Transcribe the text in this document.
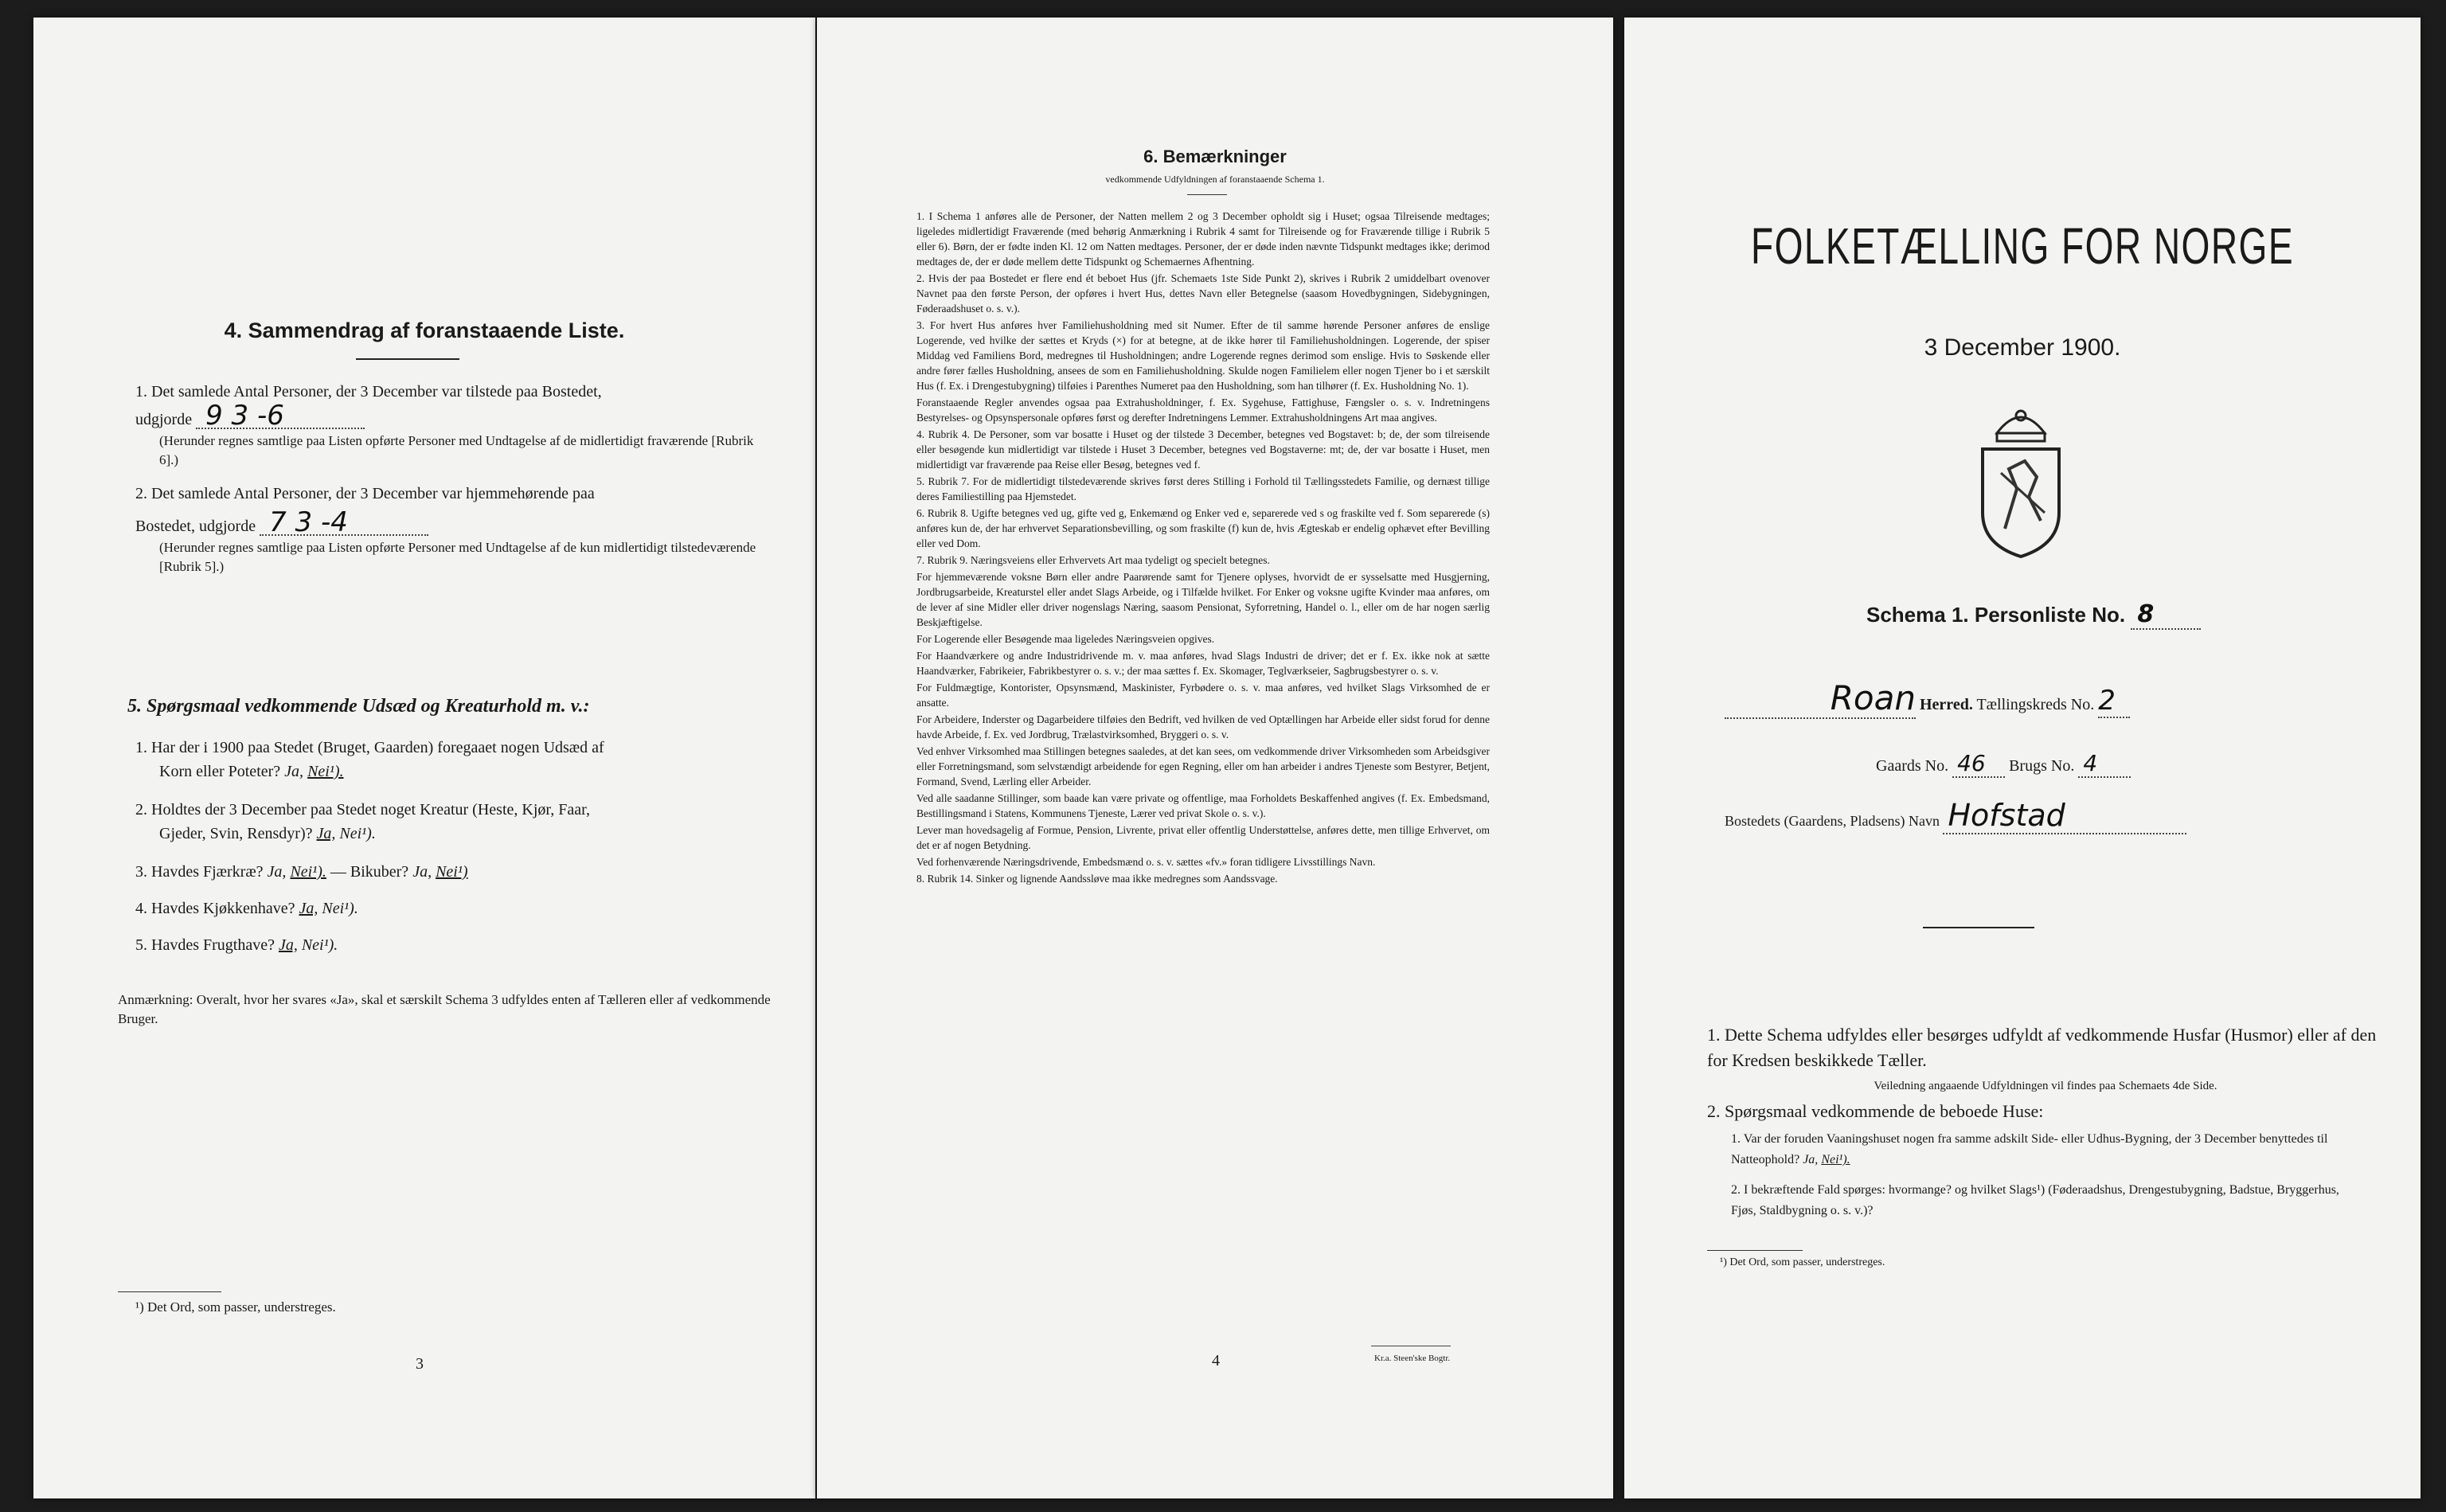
4. Sammendrag af foranstaaende Liste.
1. Det samlede Antal Personer, der 3 December var tilstede paa Bostedet,
udgjorde 9 3 -6
(Herunder regnes samtlige paa Listen opførte Personer med Undtagelse af de midlertidigt fraværende [Rubrik 6].)
2. Det samlede Antal Personer, der 3 December var hjemmehørende paa
Bostedet, udgjorde 7 3 -4
(Herunder regnes samtlige paa Listen opførte Personer med Undtagelse af de kun midlertidigt tilstedeværende [Rubrik 5].)
5. Spørgsmaal vedkommende Udsæd og Kreaturhold m. v.:
1. Har der i 1900 paa Stedet (Bruget, Gaarden) foregaaet nogen Udsæd af
Korn eller Poteter? Ja, Nei¹).
2. Holdtes der 3 December paa Stedet noget Kreatur (Heste, Kjør, Faar,
Gjeder, Svin, Rensdyr)? Ja, Nei¹).
3. Havdes Fjærkræ? Ja, Nei¹). — Bikuber? Ja, Nei¹)
4. Havdes Kjøkkenhave? Ja, Nei¹).
5. Havdes Frugthave? Ja, Nei¹).
Anmærkning: Overalt, hvor her svares «Ja», skal et særskilt Schema 3 udfyldes enten af Tælleren eller af vedkommende Bruger.
¹) Det Ord, som passer, understreges.
3
6. Bemærkninger
vedkommende Udfyldningen af foranstaaende Schema 1.
1. I Schema 1 anføres alle de Personer, der Natten mellem 2 og 3 December opholdt sig i Huset; ogsaa Tilreisende medtages; ligeledes midlertidigt Fraværende (med behørig Anmærkning i Rubrik 4 samt for Tilreisende og for Fraværende tillige i Rubrik 5 eller 6). Børn, der er fødte inden Kl. 12 om Natten medtages. Personer, der er døde inden nævnte Tidspunkt medtages ikke; derimod medtages de, der er døde mellem dette Tidspunkt og Schemaernes Afhentning.
2. Hvis der paa Bostedet er flere end ét beboet Hus (jfr. Schemaets 1ste Side Punkt 2), skrives i Rubrik 2 umiddelbart ovenover Navnet paa den første Person, der opføres i hvert Hus, dettes Navn eller Betegnelse (saasom Hovedbygningen, Sidebygningen, Føderaadshuset o. s. v.).
3. For hvert Hus anføres hver Familiehusholdning med sit Numer. Efter de til samme hørende Personer anføres de enslige Logerende, ved hvilke der sættes et Kryds (×) for at betegne, at de ikke hører til Familiehusholdningen. Logerende, der spiser Middag ved Familiens Bord, medregnes til Husholdningen; andre Logerende regnes derimod som enslige. Hvis to Søskende eller andre fører fælles Husholdning, ansees de som en Familiehusholdning. Skulde nogen Familielem eller nogen Tjener bo i et særskilt Hus (f. Ex. i Drengestubygning) tilføies i Parenthes Numeret paa den Husholdning, som han tilhører (f. Ex. Husholdning No. 1).
Foranstaaende Regler anvendes ogsaa paa Extrahusholdninger, f. Ex. Sygehuse, Fattighuse, Fængsler o. s. v. Indretningens Bestyrelses- og Opsynspersonale opføres først og derefter Indretningens Lemmer. Extrahusholdningens Art maa angives.
4. Rubrik 4. De Personer, som var bosatte i Huset og der tilstede 3 December, betegnes ved Bogstavet: b; de, der som tilreisende eller besøgende kun midlertidigt var tilstede i Huset 3 December, betegnes ved Bogstaverne: mt; de, der var bosatte i Huset, men midlertidigt var fraværende paa Reise eller Besøg, betegnes ved f.
5. Rubrik 7. For de midlertidigt tilstedeværende skrives først deres Stilling i Forhold til Tællingsstedets Familie, og dernæst tillige deres Familiestilling paa Hjemstedet.
6. Rubrik 8. Ugifte betegnes ved ug, gifte ved g, Enkemænd og Enker ved e, separerede ved s og fraskilte ved f. Som separerede (s) anføres kun de, der har erhvervet Separationsbevilling, og som fraskilte (f) kun de, hvis Ægteskab er endelig ophævet efter Bevilling eller ved Dom.
7. Rubrik 9. Næringsveiens eller Erhvervets Art maa tydeligt og specielt betegnes.
For hjemmeværende voksne Børn eller andre Paarørende samt for Tjenere oplyses, hvorvidt de er sysselsatte med Husgjerning, Jordbrugsarbeide, Kreaturstel eller andet Slags Arbeide, og i Tilfælde hvilket. For Enker og voksne ugifte Kvinder maa anføres, om de lever af sine Midler eller driver nogenslags Næring, saasom Pensionat, Syforretning, Handel o. l., eller om de har nogen særlig Beskjæftigelse.
For Logerende eller Besøgende maa ligeledes Næringsveien opgives.
For Haandværkere og andre Industridrivende m. v. maa anføres, hvad Slags Industri de driver; det er f. Ex. ikke nok at sætte Haandværker, Fabrikeier, Fabrikbestyrer o. s. v.; der maa sættes f. Ex. Skomager, Teglværkseier, Sagbrugsbestyrer o. s. v.
For Fuldmægtige, Kontorister, Opsynsmænd, Maskinister, Fyrbødere o. s. v. maa anføres, ved hvilket Slags Virksomhed de er ansatte.
For Arbeidere, Inderster og Dagarbeidere tilføies den Bedrift, ved hvilken de ved Optællingen har Arbeide eller sidst forud for denne havde Arbeide, f. Ex. ved Jordbrug, Trælastvirksomhed, Bryggeri o. s. v.
Ved enhver Virksomhed maa Stillingen betegnes saaledes, at det kan sees, om vedkommende driver Virksomheden som Arbeidsgiver eller Forretningsmand, som selvstændigt arbeidende for egen Regning, eller om han arbeider i andres Tjeneste som Bestyrer, Betjent, Formand, Svend, Lærling eller Arbeider.
Ved alle saadanne Stillinger, som baade kan være private og offentlige, maa Forholdets Beskaffenhed angives (f. Ex. Embedsmand, Bestillingsmand i Statens, Kommunens Tjeneste, Lærer ved privat Skole o. s. v.).
Lever man hovedsagelig af Formue, Pension, Livrente, privat eller offentlig Understøttelse, anføres dette, men tillige Erhvervet, om det er af nogen Betydning.
Ved forhenværende Næringsdrivende, Embedsmænd o. s. v. sættes «fv.» foran tidligere Livsstillings Navn.
8. Rubrik 14. Sinker og lignende Aandssløve maa ikke medregnes som Aandssvage.
4	Kr.a. Steen'ske Bogtr.
FOLKETÆLLING FOR NORGE
3 December 1900.
Schema 1. Personliste No. 8
Roan Herred. Tællingskreds No. 2
Gaards No. 46 Brugs No. 4
Bostedets (Gaardens, Pladsens) Navn Hofstad
1. Dette Schema udfyldes eller besørges udfyldt af vedkommende Husfar (Husmor) eller af den for Kredsen beskikkede Tæller.
Veiledning angaaende Udfyldningen vil findes paa Schemaets 4de Side.
2. Spørgsmaal vedkommende de beboede Huse:
1. Var der foruden Vaaningshuset nogen fra samme adskilt Side- eller Udhus-Bygning, der 3 December benyttedes til Natteophold? Ja, Nei¹).
2. I bekræftende Fald spørges: hvormange? og hvilket Slags¹) (Føderaadshus, Drengestubygning, Badstue, Bryggerhus, Fjøs, Staldbygning o. s. v.)?
¹) Det Ord, som passer, understreges.
